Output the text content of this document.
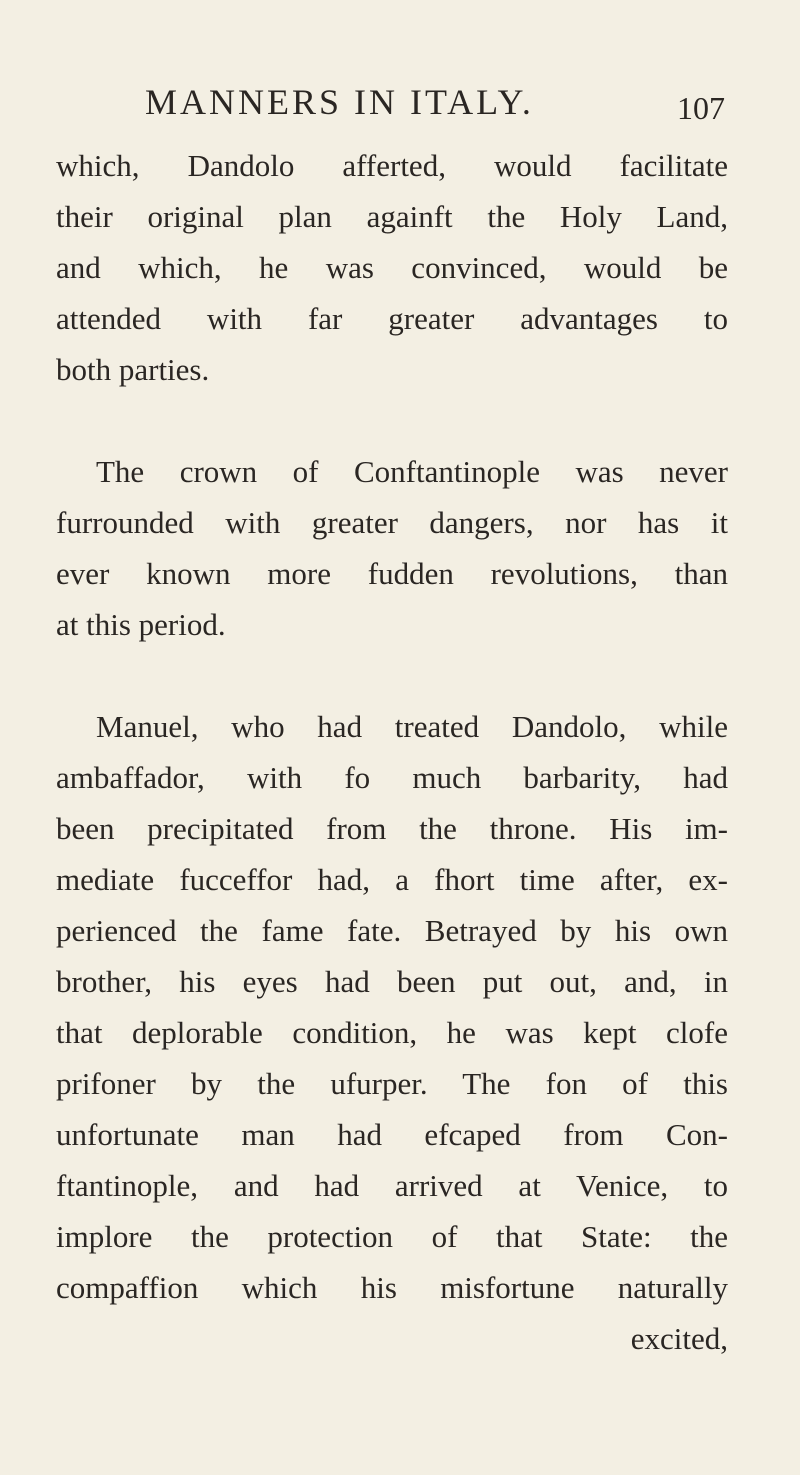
MANNERS IN ITALY.	107

which, Dandolo afferted, would facilitate
their original plan againft the Holy Land,
and which, he was convinced, would be
attended with far greater advantages to
both parties.

The crown of Conftantinople was never
furrounded with greater dangers, nor has it
ever known more fudden revolutions, than
at this period.

Manuel, who had treated Dandolo, while
ambaffador, with fo much barbarity, had
been precipitated from the throne. His im-
mediate fucceffor had, a fhort time after, ex-
perienced the fame fate. Betrayed by his own
brother, his eyes had been put out, and, in
that deplorable condition, he was kept clofe
prifoner by the ufurper. The fon of this
unfortunate man had efcaped from Con-
ftantinople, and had arrived at Venice, to
implore the protection of that State: the
compaffion which his misfortune naturally
excited,
